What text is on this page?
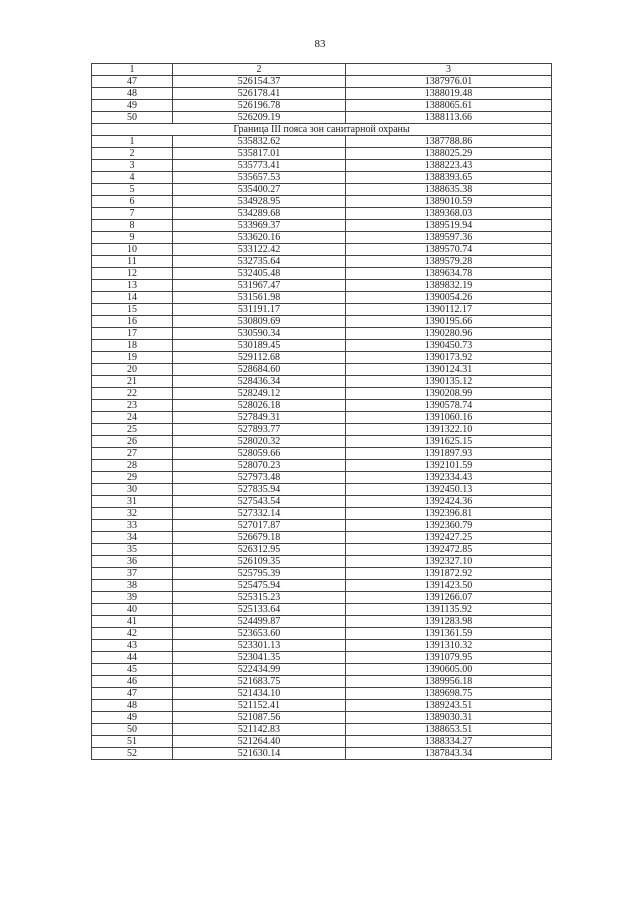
83
1	2	3
47	526154.37	1387976.01
48	526178.41	1388019.48
49	526196.78	1388065.61
50	526209.19	1388113.66
Граница III пояса зон санитарной охраны		
1	535832.62	1387788.86
2	535817.01	1388025.29
3	535773.41	1388223.43
4	535657.53	1388393.65
5	535400.27	1388635.38
6	534928.95	1389010.59
7	534289.68	1389368.03
8	533969.37	1389519.94
9	533620.16	1389597.36
10	533122.42	1389570.74
11	532735.64	1389579.28
12	532405.48	1389634.78
13	531967.47	1389832.19
14	531561.98	1390054.26
15	531191.17	1390112.17
16	530809.69	1390195.66
17	530590.34	1390280.96
18	530189.45	1390450.73
19	529112.68	1390173.92
20	528684.60	1390124.31
21	528436.34	1390135.12
22	528249.12	1390208.99
23	528026.18	1390578.74
24	527849.31	1391060.16
25	527893.77	1391322.10
26	528020.32	1391625.15
27	528059.66	1391897.93
28	528070.23	1392101.59
29	527973.48	1392334.43
30	527835.94	1392450.13
31	527543.54	1392424.36
32	527332.14	1392396.81
33	527017.87	1392360.79
34	526679.18	1392427.25
35	526312.95	1392472.85
36	526109.35	1392327.10
37	525795.39	1391872.92
38	525475.94	1391423.50
39	525315.23	1391266.07
40	525133.64	1391135.92
41	524499.87	1391283.98
42	523653.60	1391361.59
43	523301.13	1391310.32
44	523041.35	1391079.95
45	522434.99	1390605.00
46	521683.75	1389956.18
47	521434.10	1389698.75
48	521152.41	1389243.51
49	521087.56	1389030.31
50	521142.83	1388653.51
51	521264.40	1388334.27
52	521630.14	1387843.34
